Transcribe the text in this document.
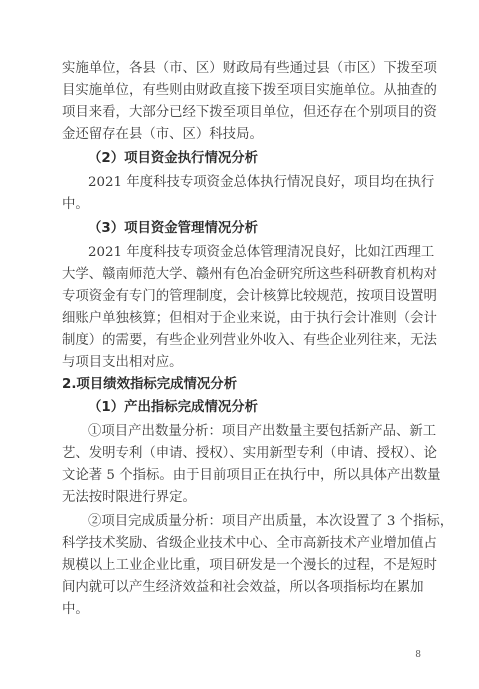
实施单位，各县（市、区）财政局有些通过县（市区）下拨至项
目实施单位，有些则由财政直接下拨至项目实施单位。从抽查的
项目来看，大部分已经下拨至项目单位，但还存在个别项目的资
金还留存在县（市、区）科技局。
（2）项目资金执行情况分析
2021 年度科技专项资金总体执行情况良好，项目均在执行
中。
（3）项目资金管理情况分析
2021 年度科技专项资金总体管理清况良好，比如江西理工
大学、赣南师范大学、赣州有色冶金研究所这些科研教育机构对
专项资金有专门的管理制度，会计核算比较规范，按项目设置明
细账户单独核算；但相对于企业来说，由于执行会计准则（会计
制度）的需要，有些企业列营业外收入、有些企业列往来，无法
与项目支出相对应。
2.项目绩效指标完成情况分析
（1）产出指标完成情况分析
①项目产出数量分析：项目产出数量主要包括新产品、新工
艺、发明专利（申请、授权）、实用新型专利（申请、授权）、论
文论著 5 个指标。由于目前项目正在执行中，所以具体产出数量
无法按时限进行界定。
②项目完成质量分析：项目产出质量，本次设置了 3 个指标，
科学技术奖励、省级企业技术中心、全市高新技术产业增加值占
规模以上工业企业比重，项目研发是一个漫长的过程，不是短时
间内就可以产生经济效益和社会效益，所以各项指标均在累加
中。
8
